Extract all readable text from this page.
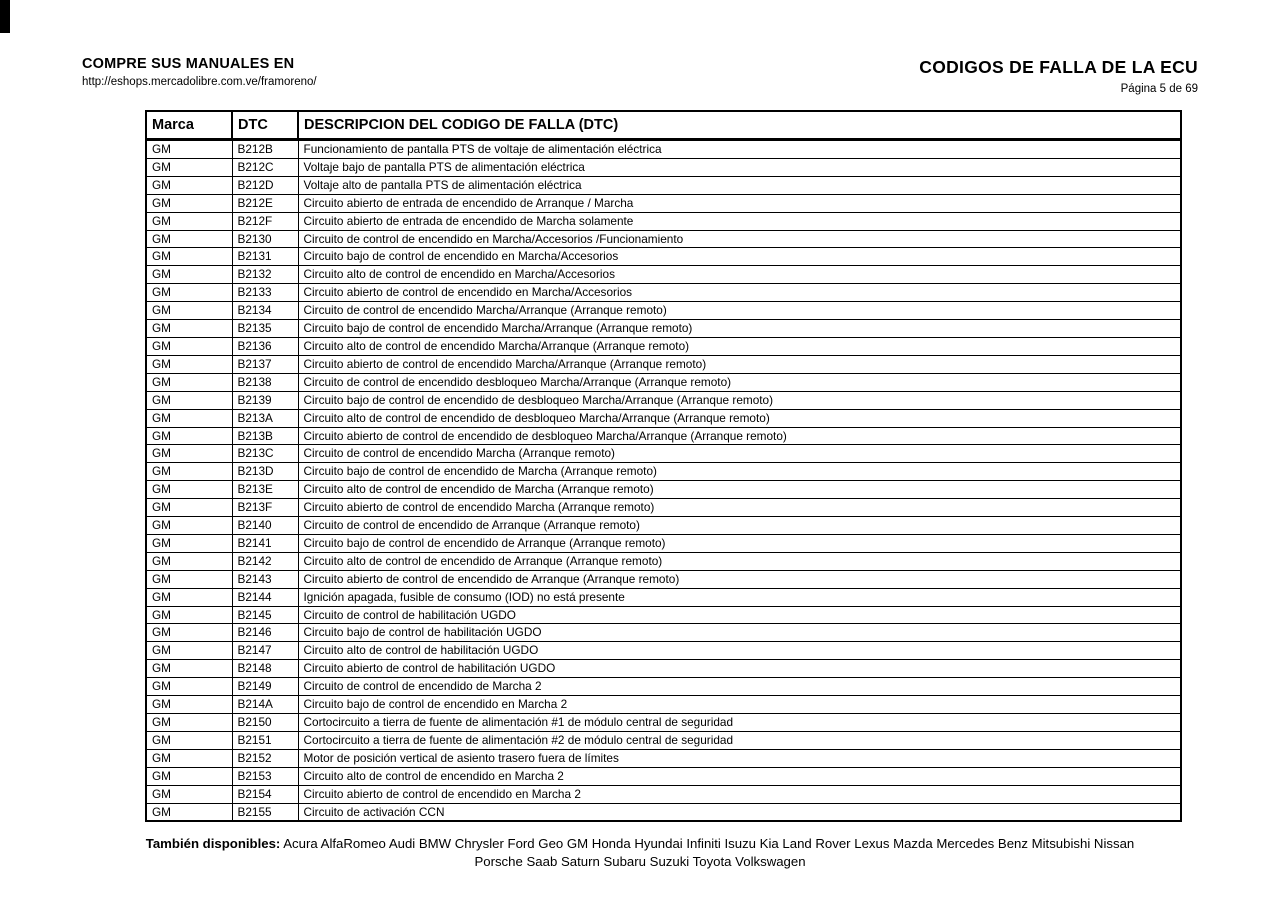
COMPRE SUS MANUALES EN
http://eshops.mercadolibre.com.ve/framoreno/
CODIGOS DE FALLA DE LA ECU
Página 5 de 69
Marca	DTC	DESCRIPCION DEL CODIGO DE FALLA (DTC)
GM	B212B	Funcionamiento de pantalla PTS de voltaje de alimentación eléctrica
GM	B212C	Voltaje bajo de pantalla PTS de alimentación eléctrica
GM	B212D	Voltaje alto de pantalla PTS de alimentación eléctrica
GM	B212E	Circuito abierto de entrada de encendido de Arranque / Marcha
GM	B212F	Circuito abierto de entrada de encendido de Marcha solamente
GM	B2130	Circuito de control de encendido en Marcha/Accesorios /Funcionamiento
GM	B2131	Circuito bajo de control de encendido en Marcha/Accesorios
GM	B2132	Circuito alto de control de encendido en Marcha/Accesorios
GM	B2133	Circuito abierto de control de encendido en Marcha/Accesorios
GM	B2134	Circuito de control de encendido Marcha/Arranque (Arranque remoto)
GM	B2135	Circuito bajo de control de encendido Marcha/Arranque (Arranque remoto)
GM	B2136	Circuito alto de control de encendido Marcha/Arranque (Arranque remoto)
GM	B2137	Circuito abierto de control de encendido Marcha/Arranque (Arranque remoto)
GM	B2138	Circuito de control de encendido desbloqueo Marcha/Arranque (Arranque remoto)
GM	B2139	Circuito bajo de control de encendido de desbloqueo Marcha/Arranque (Arranque remoto)
GM	B213A	Circuito alto de control de encendido de desbloqueo Marcha/Arranque (Arranque remoto)
GM	B213B	Circuito abierto de control de encendido de desbloqueo Marcha/Arranque (Arranque remoto)
GM	B213C	Circuito de control de encendido Marcha (Arranque remoto)
GM	B213D	Circuito bajo de control de encendido de Marcha (Arranque remoto)
GM	B213E	Circuito alto de control de encendido de Marcha (Arranque remoto)
GM	B213F	Circuito abierto de control de encendido Marcha (Arranque remoto)
GM	B2140	Circuito de control de encendido de Arranque (Arranque remoto)
GM	B2141	Circuito bajo de control de encendido de Arranque (Arranque remoto)
GM	B2142	Circuito alto de control de encendido de Arranque (Arranque remoto)
GM	B2143	Circuito abierto de control de encendido de Arranque (Arranque remoto)
GM	B2144	Ignición apagada, fusible de consumo (IOD) no está presente
GM	B2145	Circuito de control de habilitación UGDO
GM	B2146	Circuito bajo de control de habilitación UGDO
GM	B2147	Circuito alto de control de habilitación UGDO
GM	B2148	Circuito abierto de control de habilitación UGDO
GM	B2149	Circuito de control de encendido de Marcha 2
GM	B214A	Circuito bajo de control de encendido en Marcha 2
GM	B2150	Cortocircuito a tierra de fuente de alimentación #1 de módulo central de seguridad
GM	B2151	Cortocircuito a tierra de fuente de alimentación #2 de módulo central de seguridad
GM	B2152	Motor de posición vertical de asiento trasero fuera de límites
GM	B2153	Circuito alto de control de encendido en Marcha 2
GM	B2154	Circuito abierto de control de encendido en Marcha 2
GM	B2155	Circuito de activación CCN
También disponibles: Acura AlfaRomeo Audi BMW Chrysler Ford Geo GM Honda Hyundai Infiniti Isuzu Kia Land Rover Lexus Mazda Mercedes Benz Mitsubishi Nissan
Porsche Saab Saturn Subaru Suzuki Toyota Volkswagen
